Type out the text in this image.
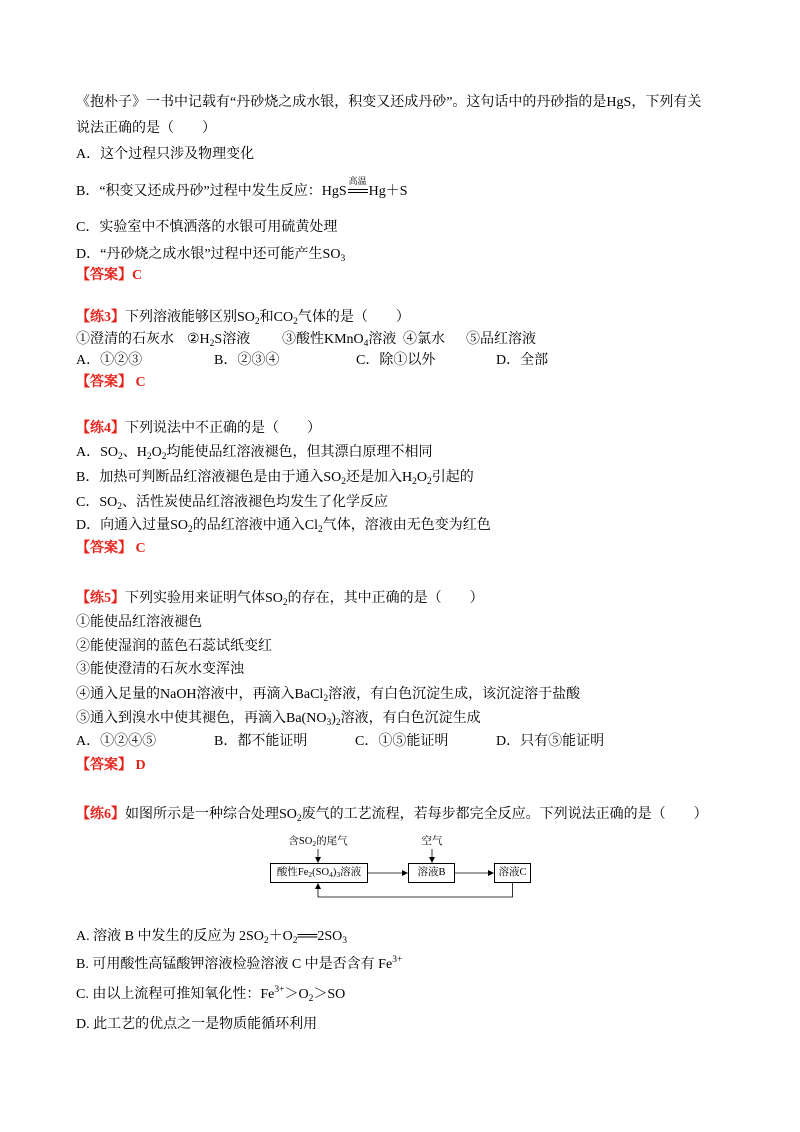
《抱朴子》一书中记载有“丹砂烧之成水银，积变又还成丹砂”。这句话中的丹砂指的是HgS，下列有关
说法正确的是（　　）
A．这个过程只涉及物理变化
B．“积变又还成丹砂”过程中发生反应：HgS
高温
Hg＋S
C．实验室中不慎洒落的水银可用硫黄处理
D．“丹砂烧之成水银”过程中还可能产生$SO_3$
【答案】C
【练3】下列溶液能够区别$SO_2$和$CO_2$气体的是（　　）
①澄清的石灰水 $②H_2S$溶液 ③酸性KMnO$_4$溶液 ④氯水 ⑤品红溶液
A．①②③	B．②③④	C．除①以外	D．全部
【答案】 C
【练4】下列说法中不正确的是（　　）
A．$SO_2$、$H_2O_2$均能使品红溶液褪色，但其漂白原理不相同
B．加热可判断品红溶液褪色是由于通入$SO_2$还是加入$H_2O_2$引起的
C．$SO_2$、活性炭使品红溶液褪色均发生了化学反应
D．向通入过量$SO_2$的品红溶液中通入$Cl_2$气体，溶液由无色变为红色
【答案】 C
【练5】下列实验用来证明气体$SO_2$的存在，其中正确的是（　　）
①能使品红溶液褪色
②能使湿润的蓝色石蕊试纸变红
③能使澄清的石灰水变浑浊
④通入足量的NaOH溶液中，再滴入BaCl$_2$溶液，有白色沉淀生成，该沉淀溶于盐酸
⑤通入到溴水中使其褪色，再滴入$Ba(NO_3)_2$溶液，有白色沉淀生成
A．①②④⑤	B．都不能证明	C．①⑤能证明	D．只有⑤能证明
【答案】 D
【练6】如图所示是一种综合处理$SO_2$废气的工艺流程，若每步都完全反应。下列说法正确的是（　　）
含$SO_2$的尾气	空气
酸性$Fe_2(SO_4)_3$溶液	溶液B	溶液C
A. 溶液 B 中发生的反应为 $2SO_2+O_2══2SO_3$
B. 可用酸性高锰酸钾溶液检验溶液 C 中是否含有 $Fe^{3+}$
C. 由以上流程可推知氧化性：$Fe^{3+}>O_2>SO$
D. 此工艺的优点之一是物质能循环利用
